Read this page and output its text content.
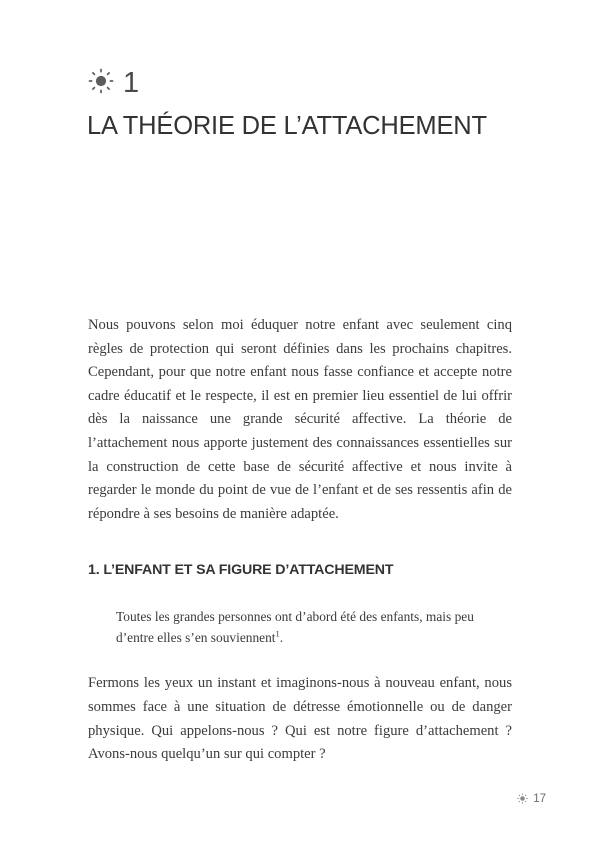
1
LA THÉORIE DE L’ATTACHEMENT

Nous pouvons selon moi éduquer notre enfant avec seulement cinq règles de protection qui seront définies dans les prochains chapitres. Cependant, pour que notre enfant nous fasse confiance et accepte notre cadre éducatif et le respecte, il est en premier lieu essentiel de lui offrir dès la naissance une grande sécurité affective. La théorie de l’attachement nous apporte justement des connaissances essentielles sur la construction de cette base de sécurité affective et nous invite à regarder le monde du point de vue de l’enfant et de ses ressentis afin de répondre à ses besoins de manière adaptée.

1. L’ENFANT ET SA FIGURE D’ATTACHEMENT

Toutes les grandes personnes ont d’abord été des enfants, mais peu d’entre elles s’en souviennent$^1$.

Fermons les yeux un instant et imaginons-nous à nouveau enfant, nous sommes face à une situation de détresse émotionnelle ou de danger physique. Qui appelons-nous ? Qui est notre figure d’attachement ? Avons-nous quelqu’un sur qui compter ?

17
